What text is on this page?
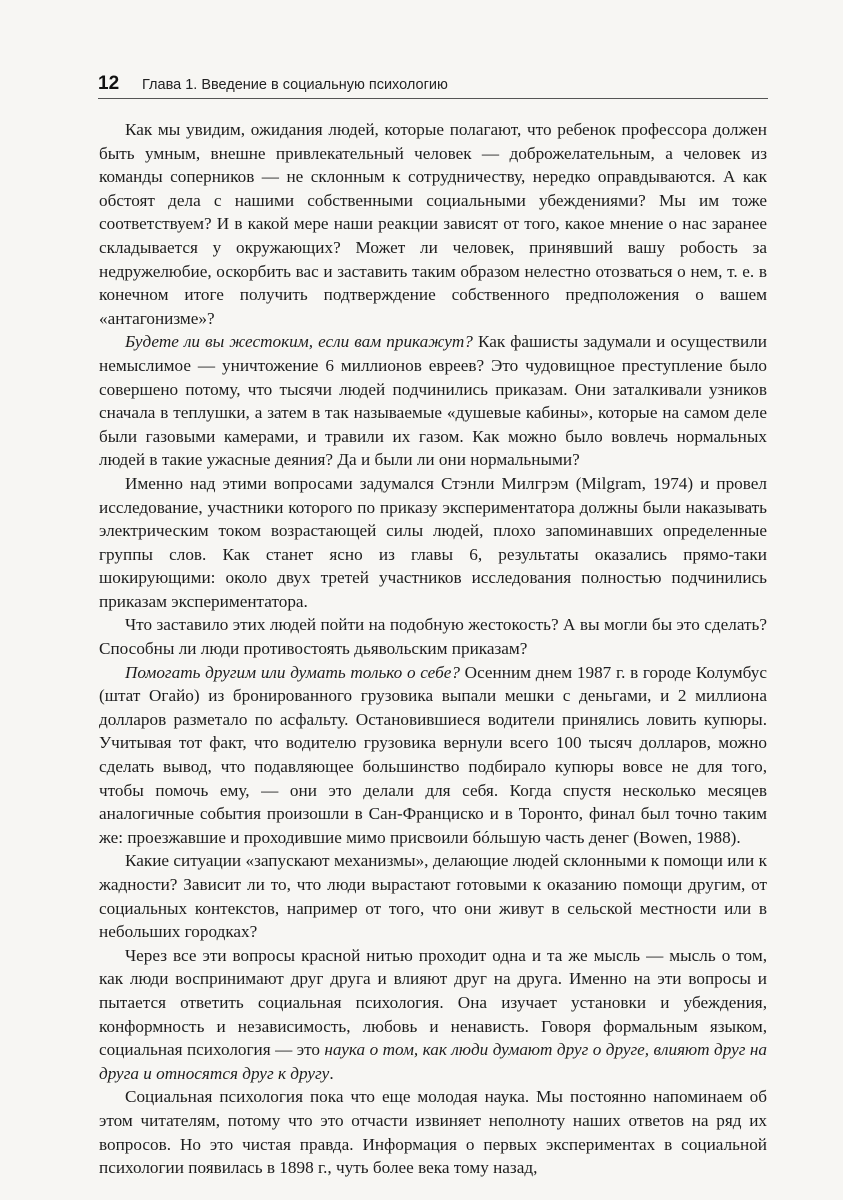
12 Глава 1. Введение в социальную психологию

Как мы увидим, ожидания людей, которые полагают, что ребенок профессора должен быть умным, внешне привлекательный человек — доброжелательным, а человек из команды соперников — не склонным к сотрудничеству, нередко оправдываются. А как обстоят дела с нашими собственными социальными убеждениями? Мы им тоже соответствуем? И в какой мере наши реакции зависят от того, какое мнение о нас заранее складывается у окружающих? Может ли человек, принявший вашу робость за недружелюбие, оскорбить вас и заставить таким образом нелестно отозваться о нем, т. е. в конечном итоге получить подтверждение собственного предположения о вашем «антагонизме»?

Будете ли вы жестоким, если вам прикажут? Как фашисты задумали и осуществили немыслимое — уничтожение 6 миллионов евреев? Это чудовищное преступление было совершено потому, что тысячи людей подчинились приказам. Они заталкивали узников сначала в теплушки, а затем в так называемые «душевые кабины», которые на самом деле были газовыми камерами, и травили их газом. Как можно было вовлечь нормальных людей в такие ужасные деяния? Да и были ли они нормальными?

Именно над этими вопросами задумался Стэнли Милгрэм (Milgram, 1974) и провел исследование, участники которого по приказу экспериментатора должны были наказывать электрическим током возрастающей силы людей, плохо запоминавших определенные группы слов. Как станет ясно из главы 6, результаты оказались прямо-таки шокирующими: около двух третей участников исследования полностью подчинились приказам экспериментатора.

Что заставило этих людей пойти на подобную жестокость? А вы могли бы это сделать? Способны ли люди противостоять дьявольским приказам?

Помогать другим или думать только о себе? Осенним днем 1987 г. в городе Колумбус (штат Огайо) из бронированного грузовика выпали мешки с деньгами, и 2 миллиона долларов разметало по асфальту. Остановившиеся водители принялись ловить купюры. Учитывая тот факт, что водителю грузовика вернули всего 100 тысяч долларов, можно сделать вывод, что подавляющее большинство подбирало купюры вовсе не для того, чтобы помочь ему, — они это делали для себя. Когда спустя несколько месяцев аналогичные события произошли в Сан-Франциско и в Торонто, финал был точно таким же: проезжавшие и проходившие мимо присвоили бóльшую часть денег (Bowen, 1988).

Какие ситуации «запускают механизмы», делающие людей склонными к помощи или к жадности? Зависит ли то, что люди вырастают готовыми к оказанию помощи другим, от социальных контекстов, например от того, что они живут в сельской местности или в небольших городках?

Через все эти вопросы красной нитью проходит одна и та же мысль — мысль о том, как люди воспринимают друг друга и влияют друг на друга. Именно на эти вопросы и пытается ответить социальная психология. Она изучает установки и убеждения, конформность и независимость, любовь и ненависть. Говоря формальным языком, социальная психология — это наука о том, как люди думают друг о друге, влияют друг на друга и относятся друг к другу.

Социальная психология пока что еще молодая наука. Мы постоянно напоминаем об этом читателям, потому что это отчасти извиняет неполноту наших ответов на ряд их вопросов. Но это чистая правда. Информация о первых экспериментах в социальной психологии появилась в 1898 г., чуть более века тому назад,
